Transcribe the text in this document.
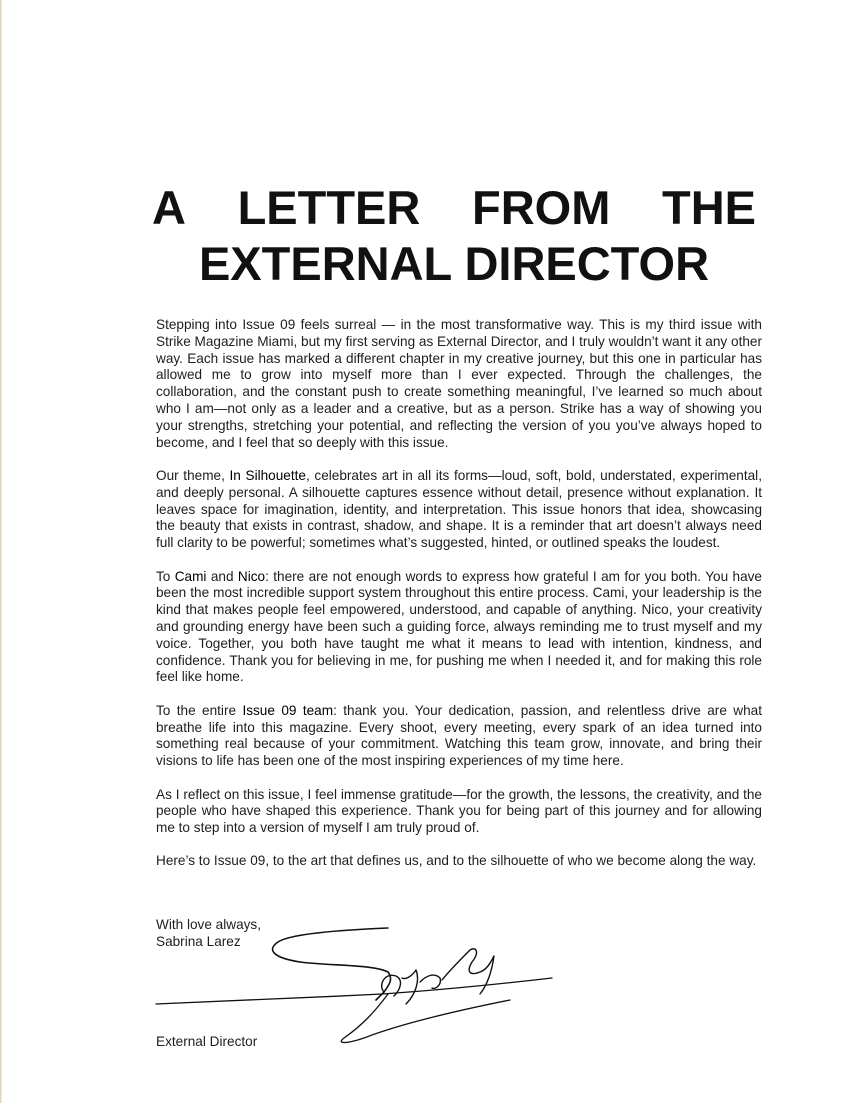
A LETTER FROM THE
EXTERNAL DIRECTOR

Stepping into Issue 09 feels surreal — in the most transformative way. This is my third issue with Strike Magazine Miami, but my first serving as External Director, and I truly wouldn’t want it any other way. Each issue has marked a different chapter in my creative journey, but this one in particular has allowed me to grow into myself more than I ever expected. Through the challenges, the collaboration, and the constant push to create something meaningful, I’ve learned so much about who I am—not only as a leader and a creative, but as a person. Strike has a way of showing you your strengths, stretching your potential, and reflecting the version of you you’ve always hoped to become, and I feel that so deeply with this issue.

Our theme, In Silhouette, celebrates art in all its forms—loud, soft, bold, understated, experimental, and deeply personal. A silhouette captures essence without detail, presence without explanation. It leaves space for imagination, identity, and interpretation. This issue honors that idea, showcasing the beauty that exists in contrast, shadow, and shape. It is a reminder that art doesn’t always need full clarity to be powerful; sometimes what’s suggested, hinted, or outlined speaks the loudest.

To Cami and Nico: there are not enough words to express how grateful I am for you both. You have been the most incredible support system throughout this entire process. Cami, your leadership is the kind that makes people feel empowered, understood, and capable of anything. Nico, your creativity and grounding energy have been such a guiding force, always reminding me to trust myself and my voice. Together, you both have taught me what it means to lead with intention, kindness, and confidence. Thank you for believing in me, for pushing me when I needed it, and for making this role feel like home.

To the entire Issue 09 team: thank you. Your dedication, passion, and relentless drive are what breathe life into this magazine. Every shoot, every meeting, every spark of an idea turned into something real because of your commitment. Watching this team grow, innovate, and bring their visions to life has been one of the most inspiring experiences of my time here.

As I reflect on this issue, I feel immense gratitude—for the growth, the lessons, the creativity, and the people who have shaped this experience. Thank you for being part of this journey and for allowing me to step into a version of myself I am truly proud of.

Here’s to Issue 09, to the art that defines us, and to the silhouette of who we become along the way.

With love always,
Sabrina Larez
External Director
